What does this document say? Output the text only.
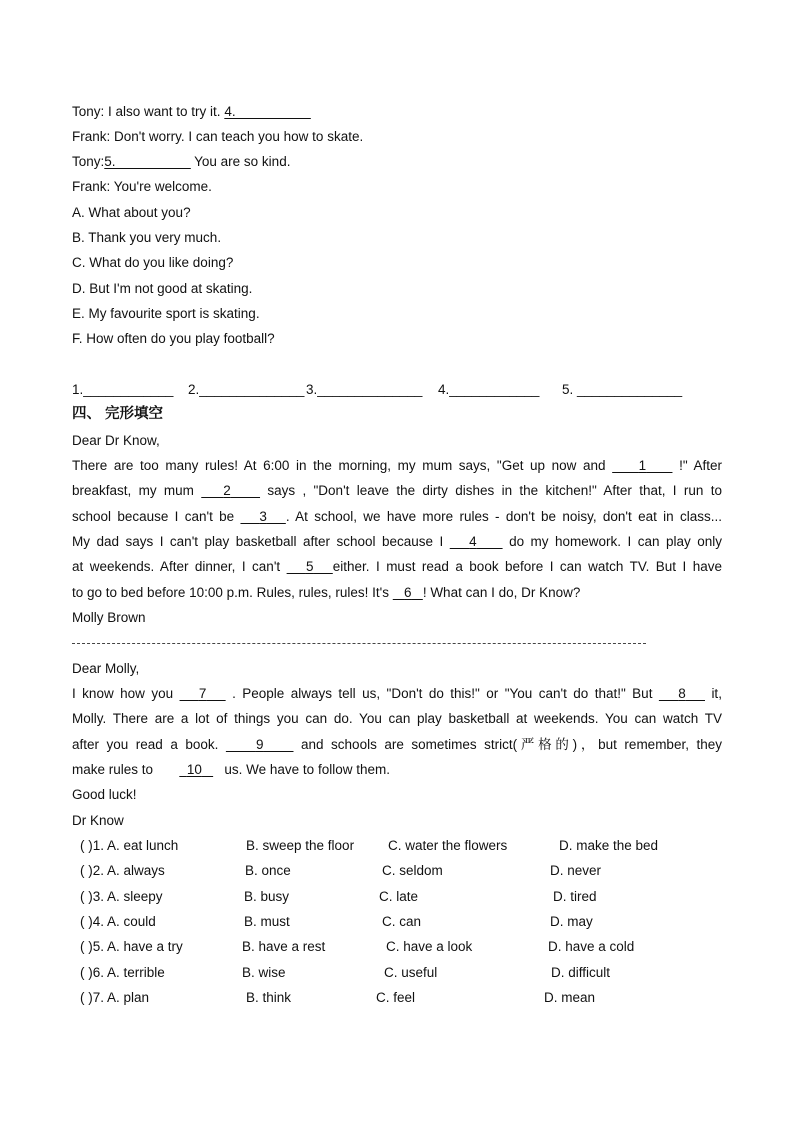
Tony: I also want to try it. 4.__________
Frank: Don't worry. I can teach you how to skate.
Tony:5.__________ You are so kind.
Frank: You're welcome.
A. What about you?
B. Thank you very much.
C. What do you like doing?
D. But I'm not good at skating.
E. My favourite sport is skating.
F. How often do you play football?
1.____________ 2.______________ 3.______________ 4.____________ 5. ______________
四、 完形填空
Dear Dr Know,
There are too many rules! At 6:00 in the morning, my mum says, "Get up now and 1 !" After
breakfast, my mum 2	says , "Don't leave the dirty dishes in the kitchen!" After that, I run to
school because I can't be 3 . At school, we have more rules - don't be noisy, don't eat in class...
My dad says I can't play basketball after school because I 4 do my homework. I can play only
at weekends. After dinner, I can't 5 either. I must read a book before I can watch TV. But I have
to go to bed before 10:00 p.m. Rules, rules, rules! It's 6 ! What can I do, Dr Know?
Molly Brown
Dear Molly,
I know how you 7 . People always tell us, "Don't do this!" or "You can't do that!" But 8 it,
Molly. There are a lot of things you can do. You can play basketball at weekends. You can watch TV
after you read a book.	9	and schools are sometimes strict(严格的)，but remember, they
make rules to	10 us. We have to follow them.
Good luck!
Dr Know
( )1. A. eat lunch	B. sweep the floor	C. water the flowers	D. make the bed
( )2. A. always	B. once	C. seldom	D. never
( )3. A. sleepy	B. busy	C. late	D. tired
( )4. A. could	B. must	C. can	D. may
( )5. A. have a try	B. have a rest	C. have a look	D. have a cold
( )6. A. terrible	B. wise	C. useful	D. difficult
( )7. A. plan	B. think	C. feel	D. mean
